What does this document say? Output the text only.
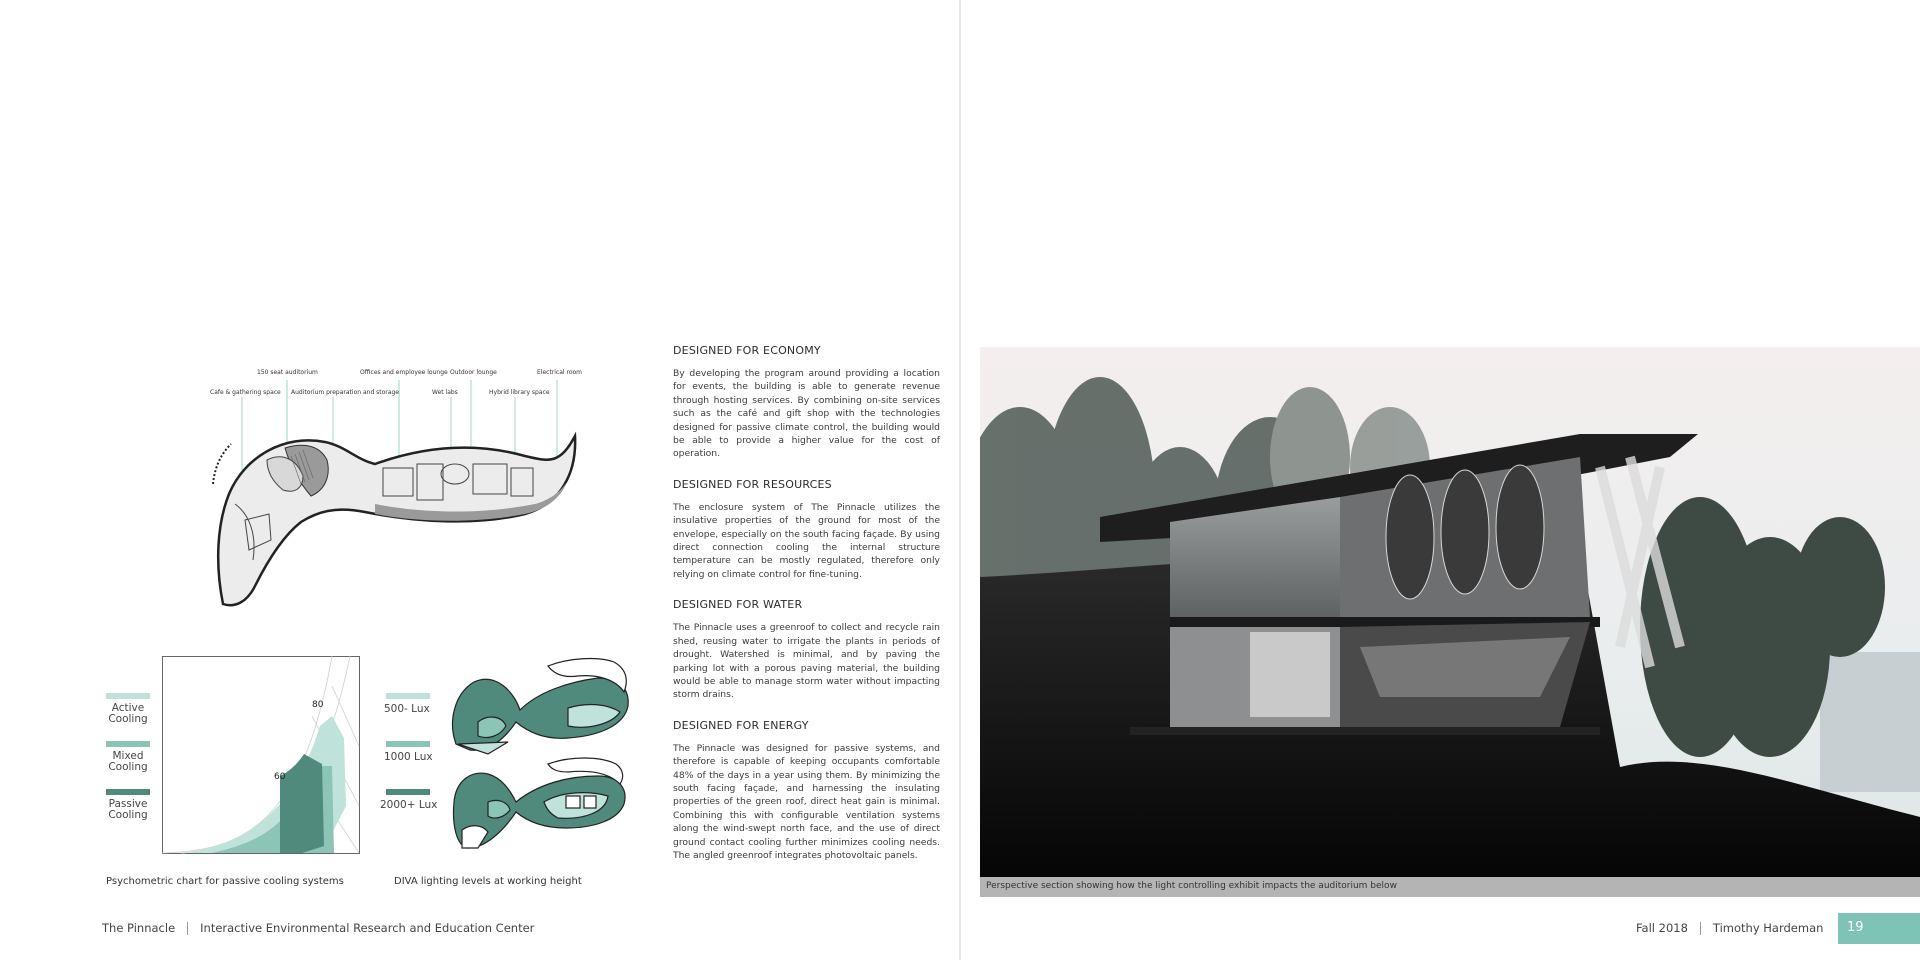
150 seat auditorium
Cafe & gathering space Auditorium preparation and storage
Offices and employee lounge
Wet labs
Outdoor lounge
Hybrid library space
Electrical room
Active
Cooling
Mixed
Cooling
Passive
Cooling
80
60
Psychometric chart for passive cooling systems
500- Lux
1000 Lux
2000+ Lux
DIVA lighting levels at working height
DESIGNED FOR ECONOMY
By developing the program around providing a location for events, the building is able to generate revenue through hosting services. By combining on-site services such as the café and gift shop with the technologies designed for passive climate control, the building would be able to provide a higher value for the cost of operation.
DESIGNED FOR RESOURCES
The enclosure system of The Pinnacle utilizes the insulative properties of the ground for most of the envelope, especially on the south facing façade. By using direct connection cooling the internal structure temperature can be mostly regulated, therefore only relying on climate control for fine-tuning.
DESIGNED FOR WATER
The Pinnacle uses a greenroof to collect and recycle rain shed, reusing water to irrigate the plants in periods of drought. Watershed is minimal, and by paving the parking lot with a porous paving material, the building would be able to manage storm water without impacting storm drains.
DESIGNED FOR ENERGY
The Pinnacle was designed for passive systems, and therefore is capable of keeping occupants comfortable 48% of the days in a year using them. By minimizing the south facing façade, and harnessing the insulating properties of the green roof, direct heat gain is minimal. Combining this with configurable ventilation systems along the wind-swept north face, and the use of direct ground contact cooling further minimizes cooling needs. The angled greenroof integrates photovoltaic panels.
The Pinnacle Interactive Environmental Research and Education Center
Perspective section showing how the light controlling exhibit impacts the auditorium below
Fall 2018 Timothy Hardeman	19
